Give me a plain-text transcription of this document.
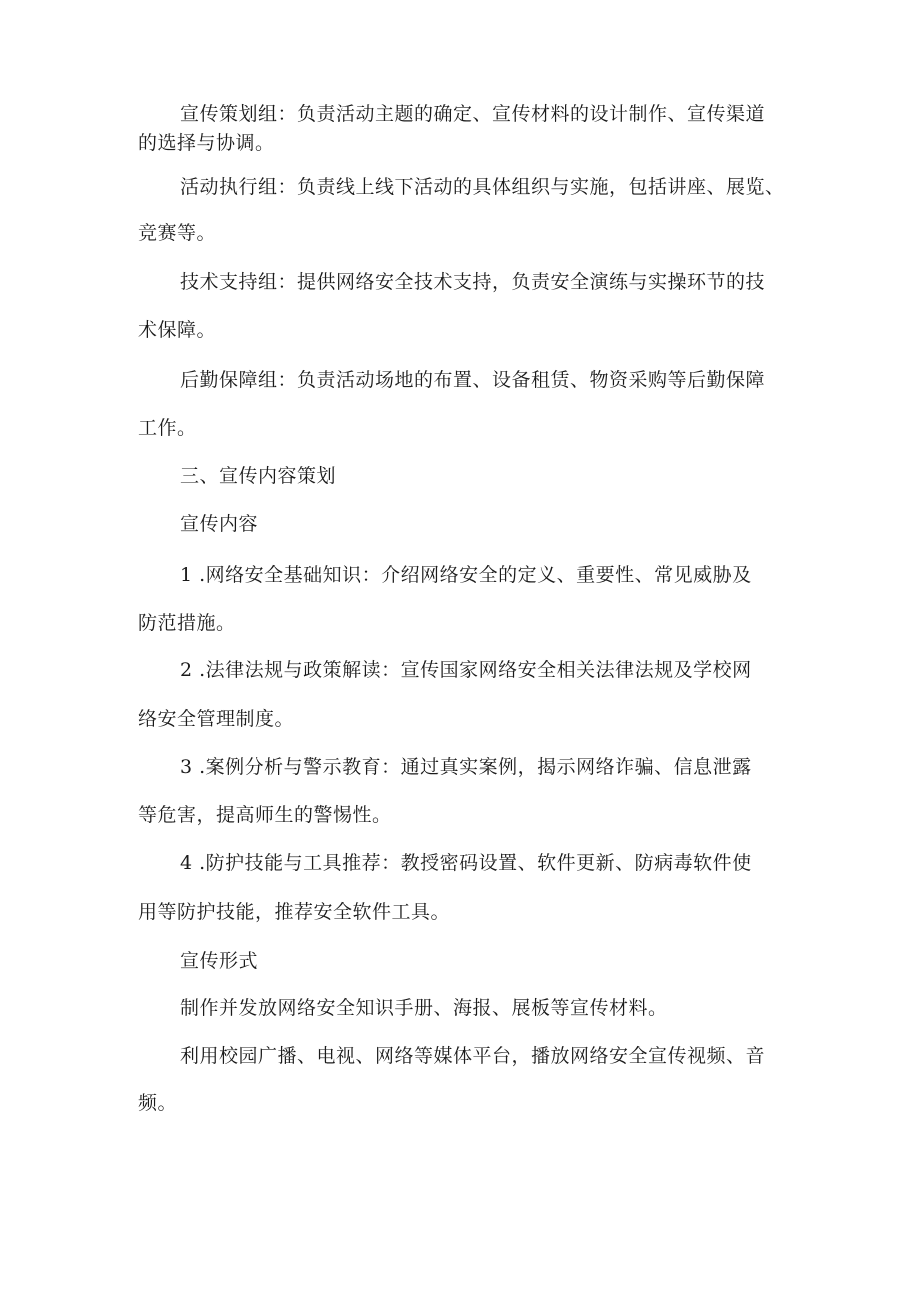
宣传策划组：负责活动主题的确定、宣传材料的设计制作、宣传渠道
的选择与协调。
活动执行组：负责线上线下活动的具体组织与实施，包括讲座、展览、
竞赛等。
技术支持组：提供网络安全技术支持，负责安全演练与实操环节的技
术保障。
后勤保障组：负责活动场地的布置、设备租赁、物资采购等后勤保障
工作。
三、宣传内容策划
宣传内容
1 .网络安全基础知识：介绍网络安全的定义、重要性、常见威胁及
防范措施。
2 .法律法规与政策解读：宣传国家网络安全相关法律法规及学校网
络安全管理制度。
3 .案例分析与警示教育：通过真实案例，揭示网络诈骗、信息泄露
等危害，提高师生的警惕性。
4 .防护技能与工具推荐：教授密码设置、软件更新、防病毒软件使
用等防护技能，推荐安全软件工具。
宣传形式
制作并发放网络安全知识手册、海报、展板等宣传材料。
利用校园广播、电视、网络等媒体平台，播放网络安全宣传视频、音
频。
